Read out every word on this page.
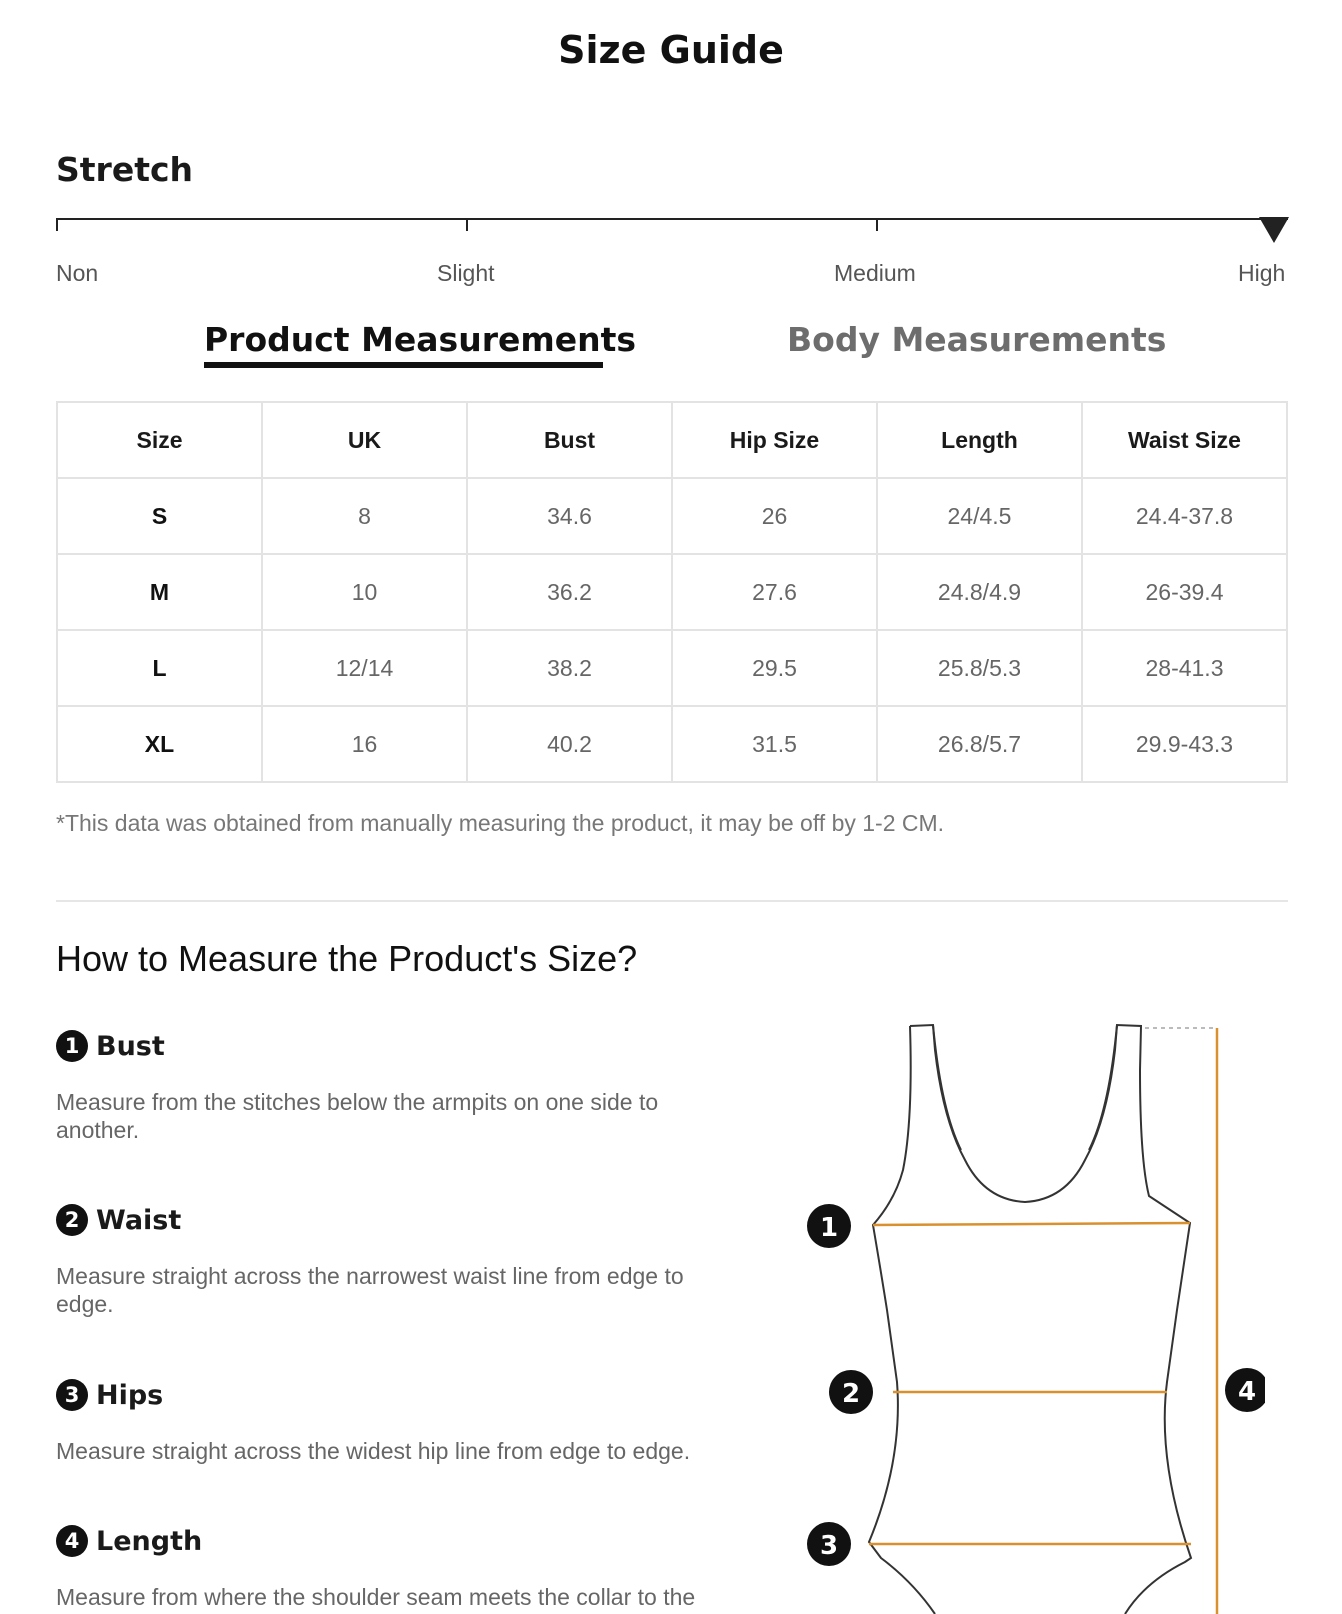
Size Guide
Stretch
Non	Slight	Medium	High
Product Measurements	Body Measurements
Size	UK	Bust	Hip Size	Length	Waist Size
S	8	34.6	26	24/4.5	24.4-37.8
M	10	36.2	27.6	24.8/4.9	26-39.4
L	12/14	38.2	29.5	25.8/5.3	28-41.3
XL	16	40.2	31.5	26.8/5.7	29.9-43.3
*This data was obtained from manually measuring the product, it may be off by 1-2 CM.
How to Measure the Product's Size?
1 Bust
Measure from the stitches below the armpits on one side to another.
2 Waist
Measure straight across the narrowest waist line from edge to edge.
3 Hips
Measure straight across the widest hip line from edge to edge.
4 Length
Measure from where the shoulder seam meets the collar to the
1
2
3
4
